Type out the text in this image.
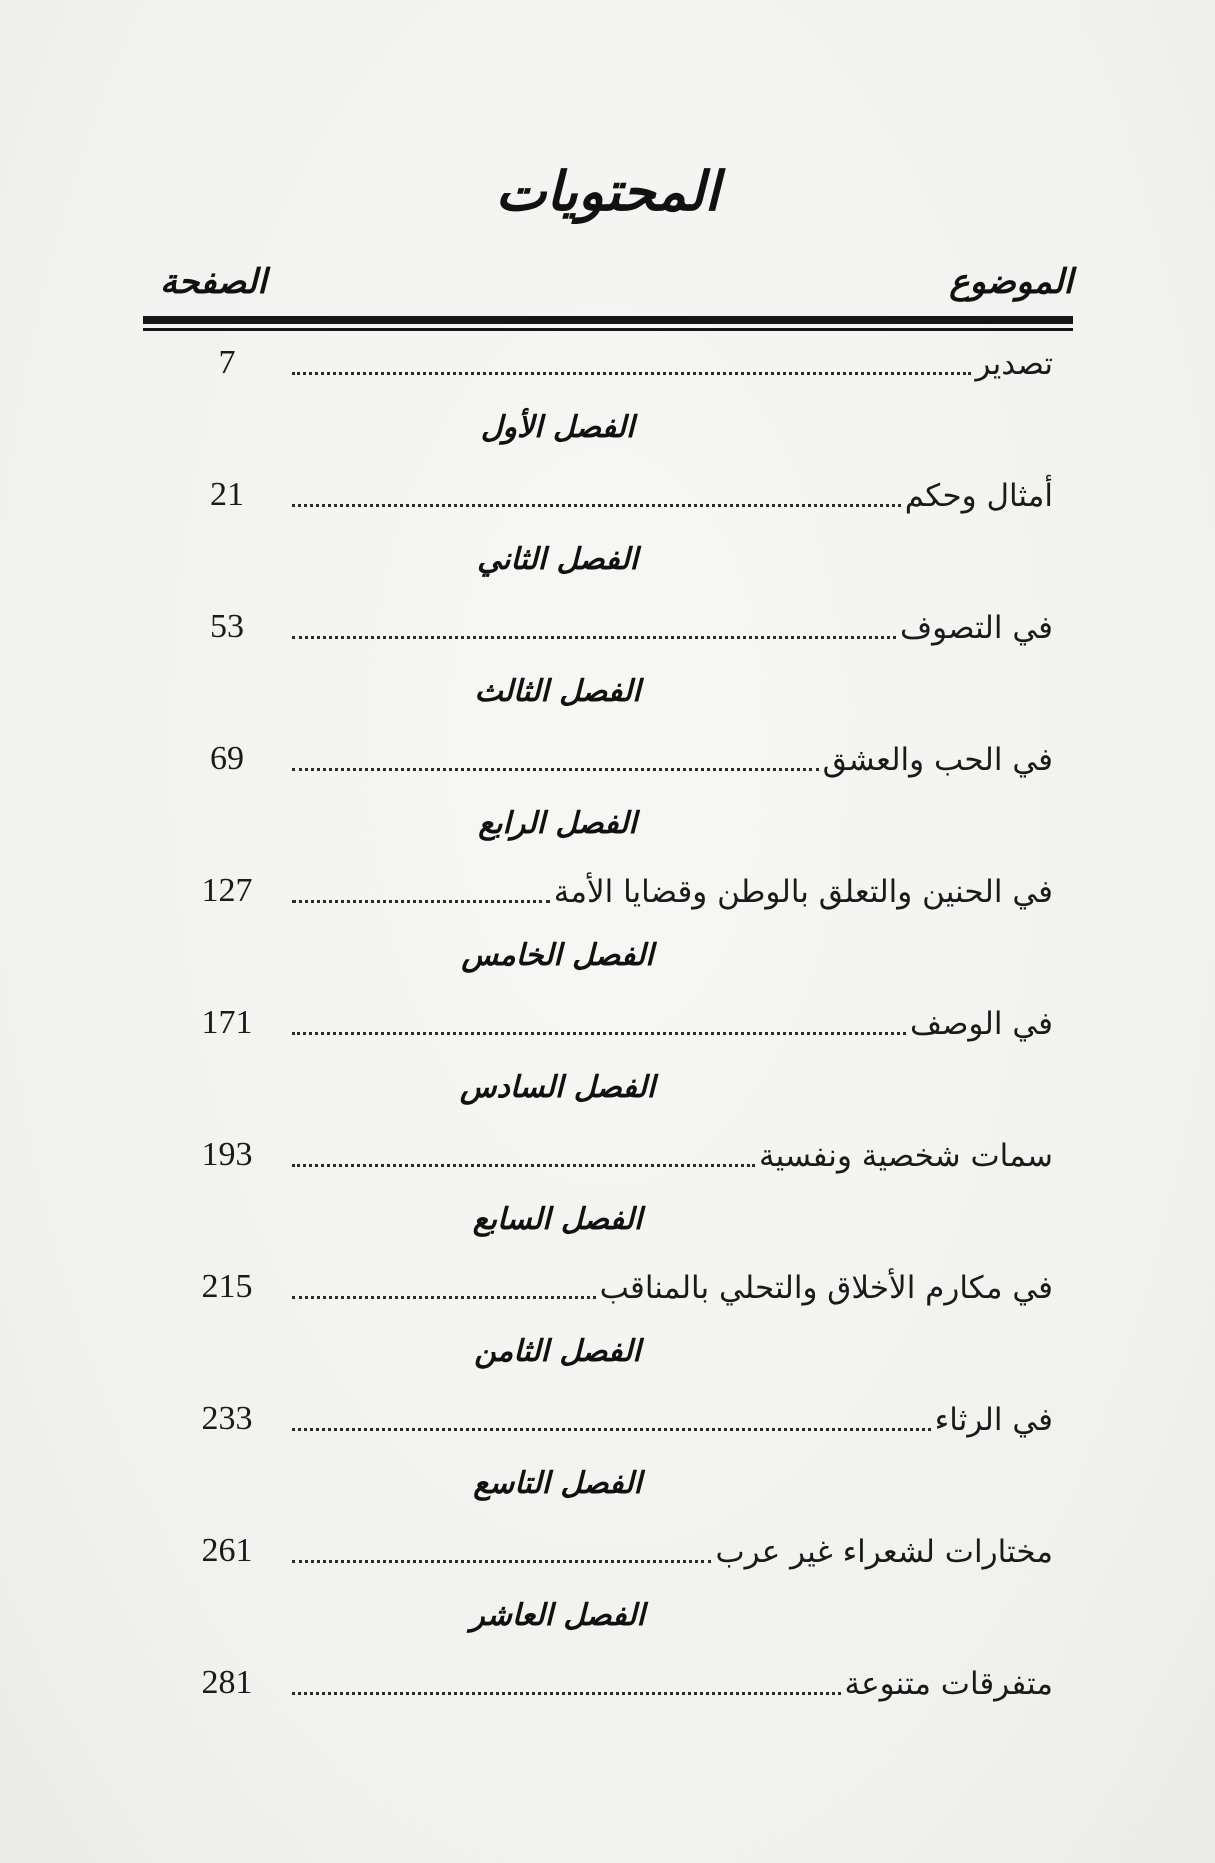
المحتويات
الموضوع
الصفحة
تصدير
7
الفصل الأول
أمثال وحكم
21
الفصل الثاني
في التصوف
53
الفصل الثالث
في الحب والعشق
69
الفصل الرابع
في الحنين والتعلق بالوطن وقضايا الأمة
127
الفصل الخامس
في الوصف
171
الفصل السادس
سمات شخصية ونفسية
193
الفصل السابع
في مكارم الأخلاق والتحلي بالمناقب
215
الفصل الثامن
في الرثاء
233
الفصل التاسع
مختارات لشعراء غير عرب
261
الفصل العاشر
متفرقات متنوعة
281
